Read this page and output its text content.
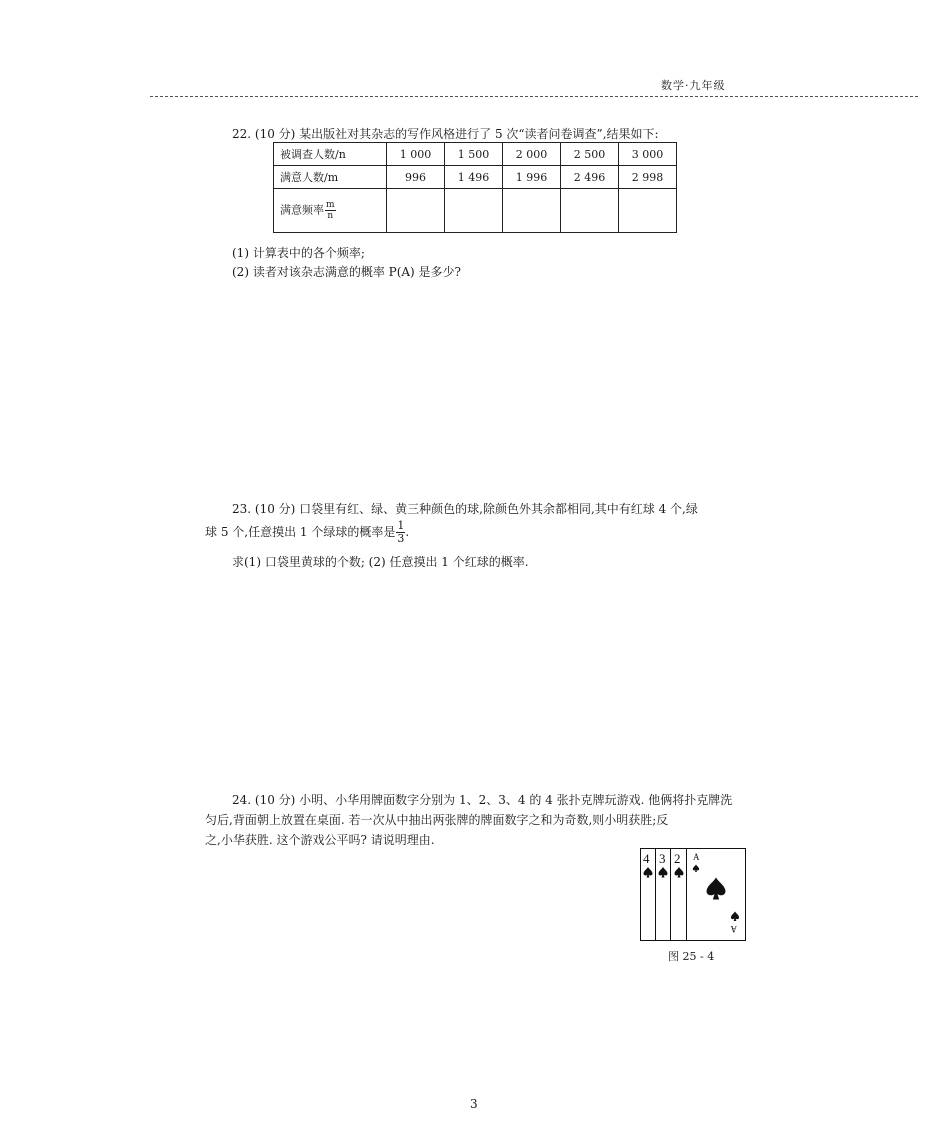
数学·九年级
22. (10 分) 某出版社对其杂志的写作风格进行了 5 次“读者问卷调查”,结果如下:
被调查人数/n	1 000	1 500	2 000	2 500	3 000
满意人数/m	996	1 496	1 996	2 496	2 998
满意频率 $\frac{m}{n}$

(1) 计算表中的各个频率;
(2) 读者对该杂志满意的概率 P(A) 是多少?
23. (10 分) 口袋里有红、绿、黄三种颜色的球,除颜色外其余都相同,其中有红球 4 个,绿
球 5 个,任意摸出 1 个绿球的概率是 $\frac{1}{3}$ .
求(1) 口袋里黄球的个数; (2) 任意摸出 1 个红球的概率.
24. (10 分) 小明、小华用牌面数字分别为 1、2、3、4 的 4 张扑克牌玩游戏. 他俩将扑克牌洗
匀后,背面朝上放置在桌面. 若一次从中抽出两张牌的牌面数字之和为奇数,则小明获胜;反
之,小华获胜. 这个游戏公平吗? 请说明理由.
4 3 2 A
A
图 25 - 4
3
